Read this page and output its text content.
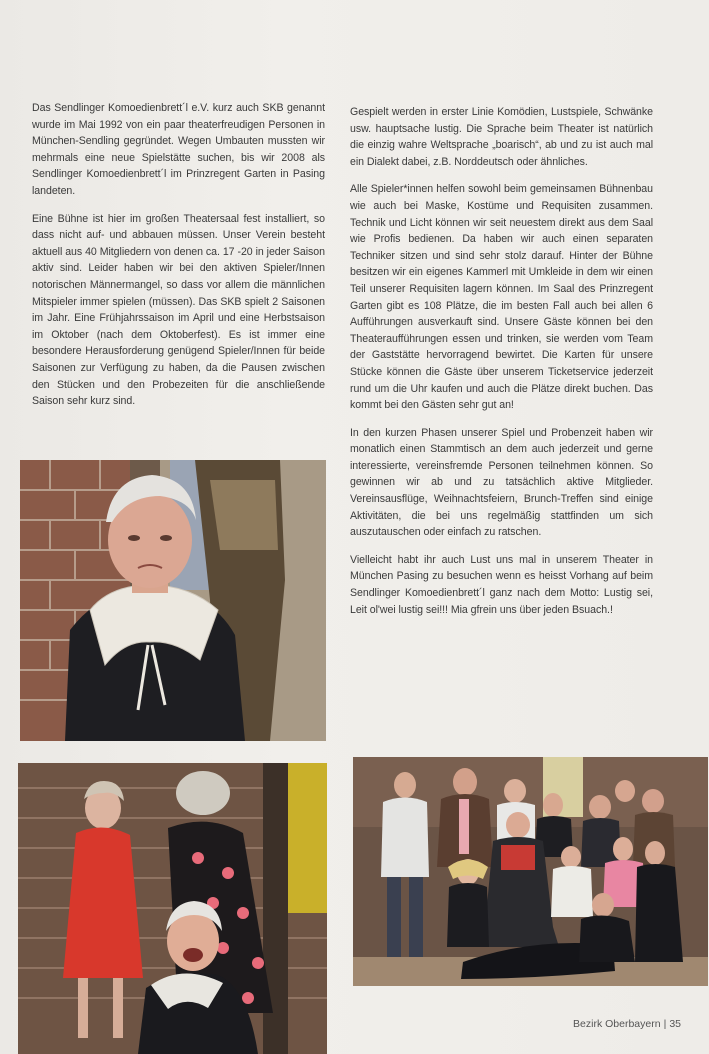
Das Sendlinger Komoedienbrett´l e.V. kurz auch SKB genannt wurde im Mai 1992 von ein paar theaterfreudigen Personen in München-Sendling gegründet. Wegen Umbauten mussten wir mehrmals eine neue Spielstätte suchen, bis wir 2008 als Sendlinger Komoedienbrett´l im Prinzregent Garten in Pasing landeten.

Eine Bühne ist hier im großen Theatersaal fest installiert, so dass nicht auf- und abbauen müssen. Unser Verein besteht aktuell aus 40 Mitgliedern von denen ca. 17 -20 in jeder Saison aktiv sind. Leider haben wir bei den aktiven Spieler/Innen notorischen Männermangel, so dass vor allem die männlichen Mitspieler immer spielen (müssen). Das SKB spielt 2 Saisonen im Jahr. Eine Frühjahrssaison im April und eine Herbstsaison im Oktober (nach dem Oktoberfest). Es ist immer eine besondere Herausforderung genügend Spieler/Innen für beide Saisonen zur Verfügung zu haben, da die Pausen zwischen den Stücken und den Probezeiten für die anschließende Saison sehr kurz sind.

Gespielt werden in erster Linie Komödien, Lustspiele, Schwänke usw. hauptsache lustig. Die Sprache beim Theater ist natürlich die einzig wahre Weltsprache „boarisch“, ab und zu ist auch mal ein Dialekt dabei, z.B. Norddeutsch oder ähnliches.

Alle Spieler*innen helfen sowohl beim gemeinsamen Bühnenbau wie auch bei Maske, Kostüme und Requisiten zusammen. Technik und Licht können wir seit neuestem direkt aus dem Saal wie Profis bedienen. Da haben wir auch einen separaten Techniker sitzen und sind sehr stolz darauf. Hinter der Bühne besitzen wir ein eigenes Kammerl mit Umkleide in dem wir einen Teil unserer Requisiten lagern können. Im Saal des Prinzregent Garten gibt es 108 Plätze, die im besten Fall auch bei allen 6 Aufführungen ausverkauft sind. Unsere Gäste können bei den Theateraufführungen essen und trinken, sie werden vom Team der Gaststätte hervorragend bewirtet. Die Karten für unsere Stücke können die Gäste über unserem Ticketservice jederzeit rund um die Uhr kaufen und auch die Plätze direkt buchen. Das kommt bei den Gästen sehr gut an!

In den kurzen Phasen unserer Spiel und Probenzeit haben wir monatlich einen Stammtisch an dem auch jederzeit und gerne interessierte, vereinsfremde Personen teilnehmen können. So gewinnen wir ab und zu tatsächlich aktive Mitglieder. Vereinsausflüge, Weihnachtsfeiern, Brunch-Treffen sind einige Aktivitäten, die bei uns regelmäßig stattfinden um sich auszutauschen oder einfach zu ratschen.

Vielleicht habt ihr auch Lust uns mal in unserem Theater in München Pasing zu besuchen wenn es heisst Vorhang auf beim Sendlinger Komoedienbrett´l ganz nach dem Motto: Lustig sei, Leit ol'wei lustig sei!!! Mia gfrein uns über jeden Bsuach.!

Bezirk Oberbayern | 35
